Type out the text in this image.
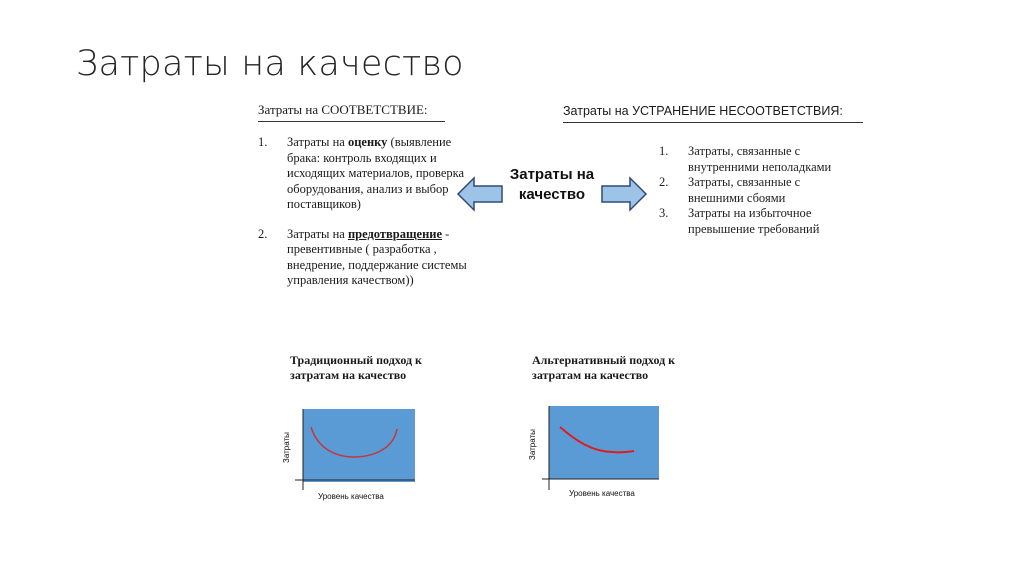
Затраты на качество
Затраты на СООТВЕТСТВИЕ:
1. Затраты на оценку (выявление брака: контроль входящих и исходящих материалов, проверка оборудования, анализ и выбор поставщиков)
2. Затраты на предотвращение - превентивные ( разработка , внедрение, поддержание системы управления качеством))
Затраты на УСТРАНЕНИЕ НЕСООТВЕТСТВИЯ:
1. Затраты, связанные с внутренними неполадками
2. Затраты, связанные с внешними сбоями
3. Затраты на избыточное превышение требований
Затраты на качество
Традиционный подход к
затратам на качество
Затраты
Уровень качества
Альтернативный подход к
затратам на качество
Затраты
Уровень качества
